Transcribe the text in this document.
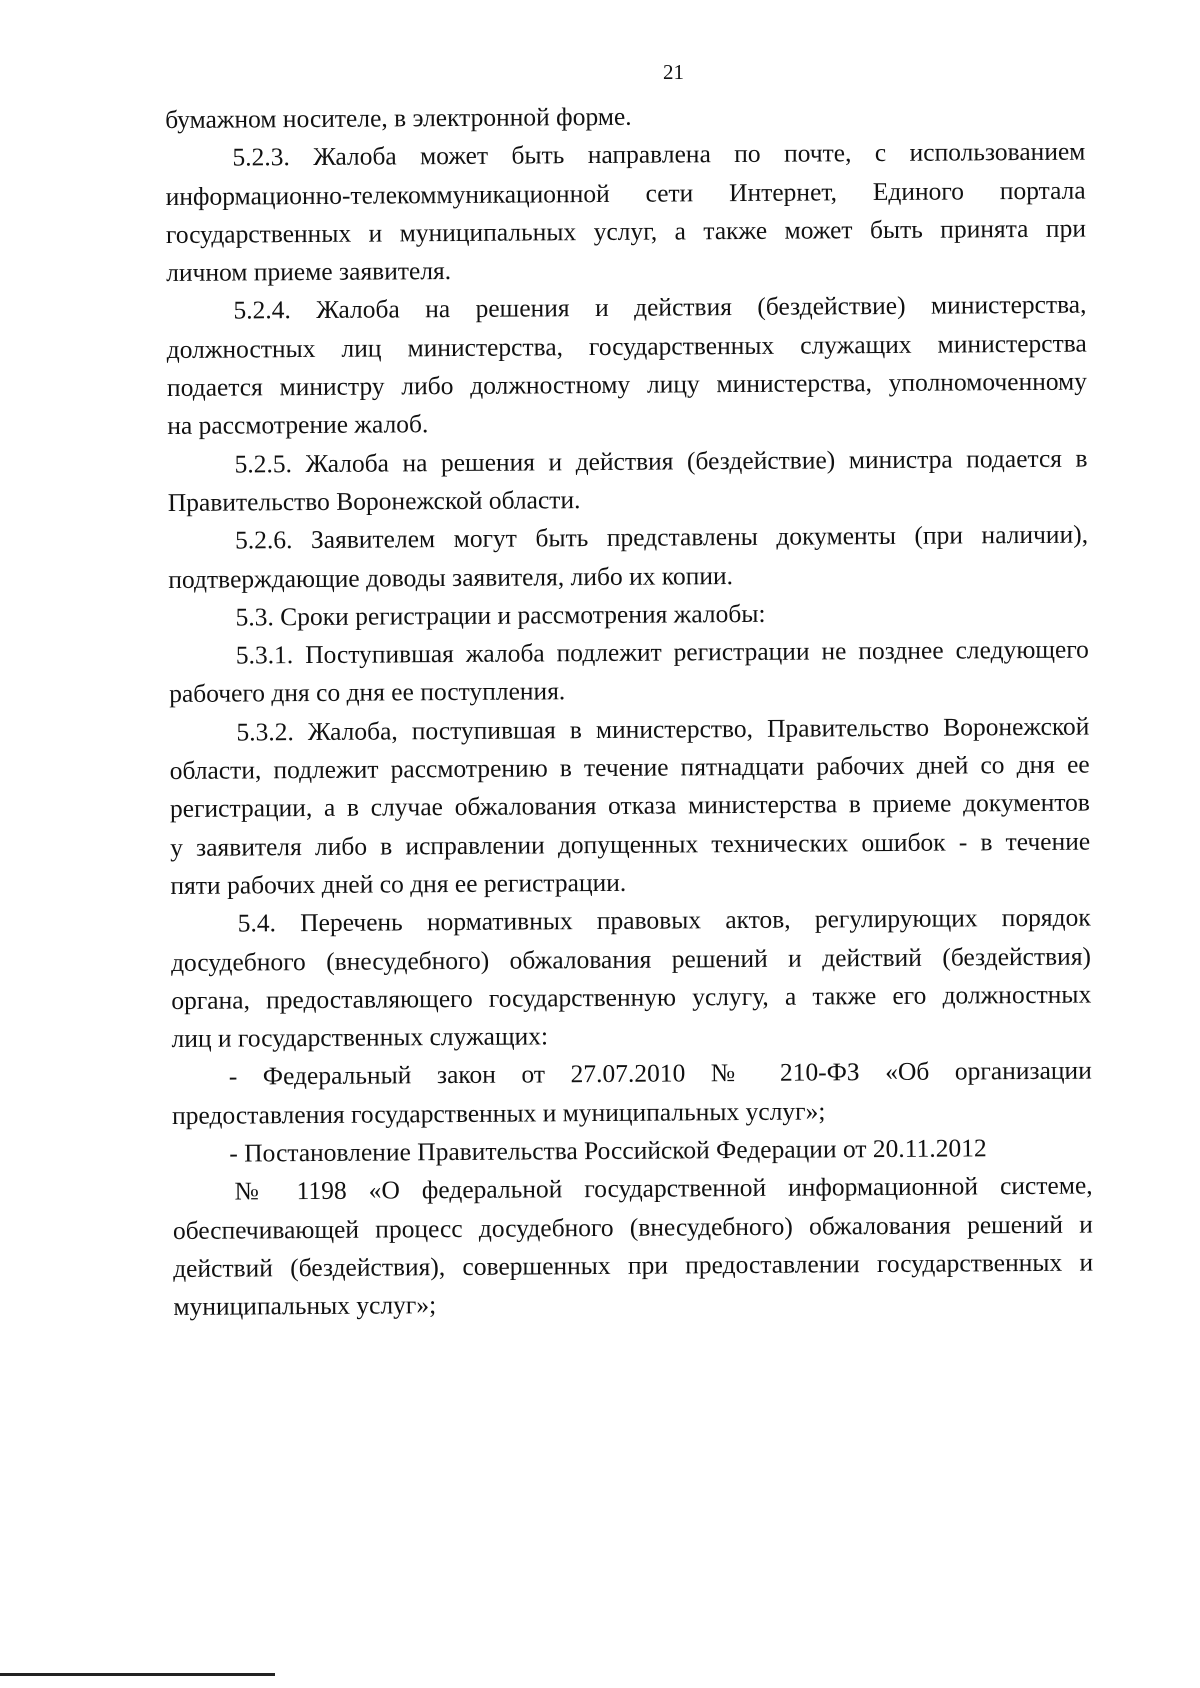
21
бумажном носителе, в электронной форме.
5.2.3. Жалоба может быть направлена по почте, с использованием
информационно-телекоммуникационной сети Интернет, Единого портала
государственных и муниципальных услуг, а также может быть принята при
личном приеме заявителя.
5.2.4. Жалоба на решения и действия (бездействие) министерства,
должностных лиц министерства, государственных служащих министерства
подается министру либо должностному лицу министерства, уполномоченному
на рассмотрение жалоб.
5.2.5. Жалоба на решения и действия (бездействие) министра подается в
Правительство Воронежской области.
5.2.6. Заявителем могут быть представлены документы (при наличии),
подтверждающие доводы заявителя, либо их копии.
5.3. Сроки регистрации и рассмотрения жалобы:
5.3.1. Поступившая жалоба подлежит регистрации не позднее следующего
рабочего дня со дня ее поступления.
5.3.2. Жалоба, поступившая в министерство, Правительство Воронежской
области, подлежит рассмотрению в течение пятнадцати рабочих дней со дня ее
регистрации, а в случае обжалования отказа министерства в приеме документов
у заявителя либо в исправлении допущенных технических ошибок - в течение
пяти рабочих дней со дня ее регистрации.
5.4. Перечень нормативных правовых актов, регулирующих порядок
досудебного (внесудебного) обжалования решений и действий (бездействия)
органа, предоставляющего государственную услугу, а также его должностных
лиц и государственных служащих:
- Федеральный закон от 27.07.2010 № 210-ФЗ «Об организации
предоставления государственных и муниципальных услуг»;
- Постановление Правительства Российской Федерации от 20.11.2012
№ 1198 «О федеральной государственной информационной системе,
обеспечивающей процесс досудебного (внесудебного) обжалования решений и
действий (бездействия), совершенных при предоставлении государственных и
муниципальных услуг»;
